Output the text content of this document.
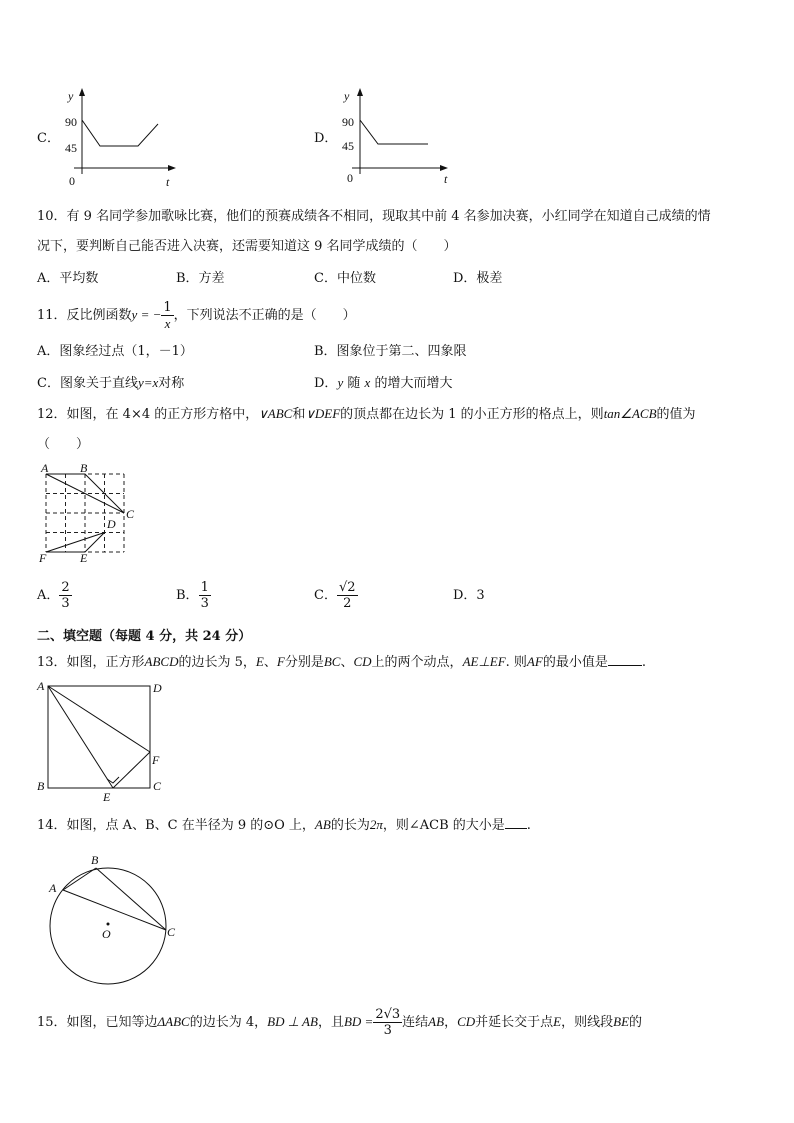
C．
y
t
0
90
45
D．
y
t
0
90
45
10．有 9 名同学参加歌咏比赛，他们的预赛成绩各不相同，现取其中前 4 名参加决赛，小红同学在知道自己成绩的情
况下，要判断自己能否进入决赛，还需要知道这 9 名同学成绩的（　　）
A．平均数	B．方差	C．中位数	D．极差
11．反比例函数y = − $\frac{1}{x}$ ，下列说法不正确的是（　　）
A．图象经过点（1，－1）	B．图象位于第二、四象限
C．图象关于直线y=x对称	D．y 随 x 的增大而增大
12．如图，在 4×4 的正方形方格中，∨ABC和∨DEF的顶点都在边长为 1 的小正方形的格点上，则tan∠ACB的值为
（　　）
A	B
C
D
E
F
A． $\frac{2}{3}$	B． $\frac{1}{3}$	C． $\frac{√2}{2}$	D．3
二、填空题（每题 4 分，共 24 分）
13．如图，正方形ABCD的边长为 5，E、F分别是BC、CD上的两个动点，AE⊥EF. 则AF的最小值是	.
A	D
B	C
F
E
14．如图，点 A、B、C 在半径为 9 的⊙O 上，AB的长为2π，则∠ACB 的大小是 .
A
B
C
O
15．如图，已知等边ΔABC的边长为 4，BD ⊥ AB，且BD = $\frac{2√3}{3}$ 连结AB，CD并延长交于点E，则线段BE的
